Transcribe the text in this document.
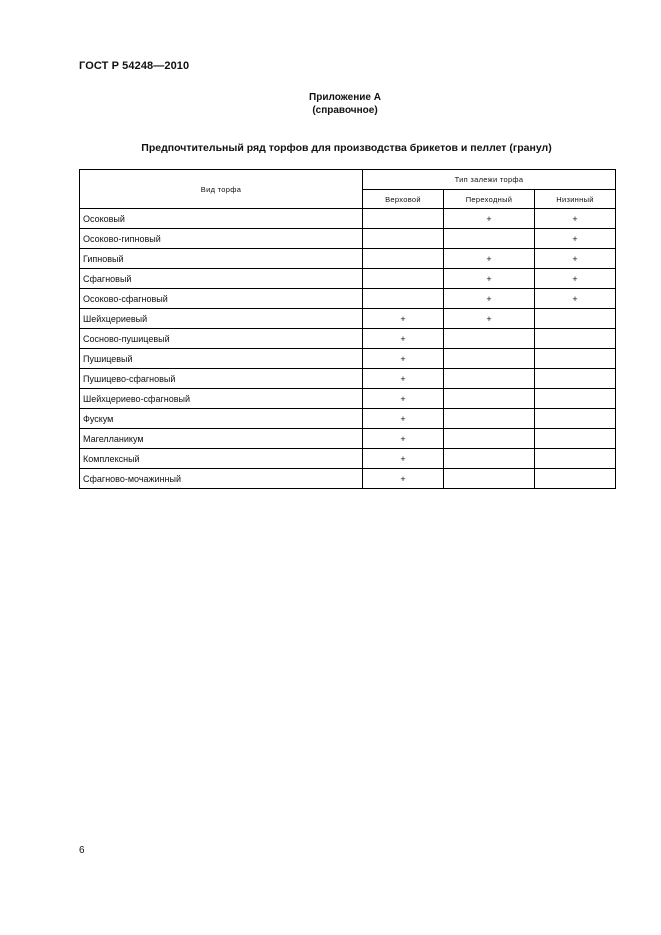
ГОСТ Р 54248—2010
Приложение А
(справочное)
Предпочтительный ряд торфов для производства брикетов и пеллет (гранул)
Вид торфа	Тип залежи торфа		
	Верховой	Переходный	Низинный
Осоковый		+	+
Осоково-гипновый			+
Гипновый		+	+
Сфагновый		+	+
Осоково-сфагновый		+	+
Шейхцериевый	+	+	
Сосново-пушицевый	+		
Пушицевый	+		
Пушицево-сфагновый	+		
Шейхцериево-сфагновый	+		
Фускум	+		
Магелланикум	+		
Комплексный	+		
Сфагново-мочажинный	+		
6
